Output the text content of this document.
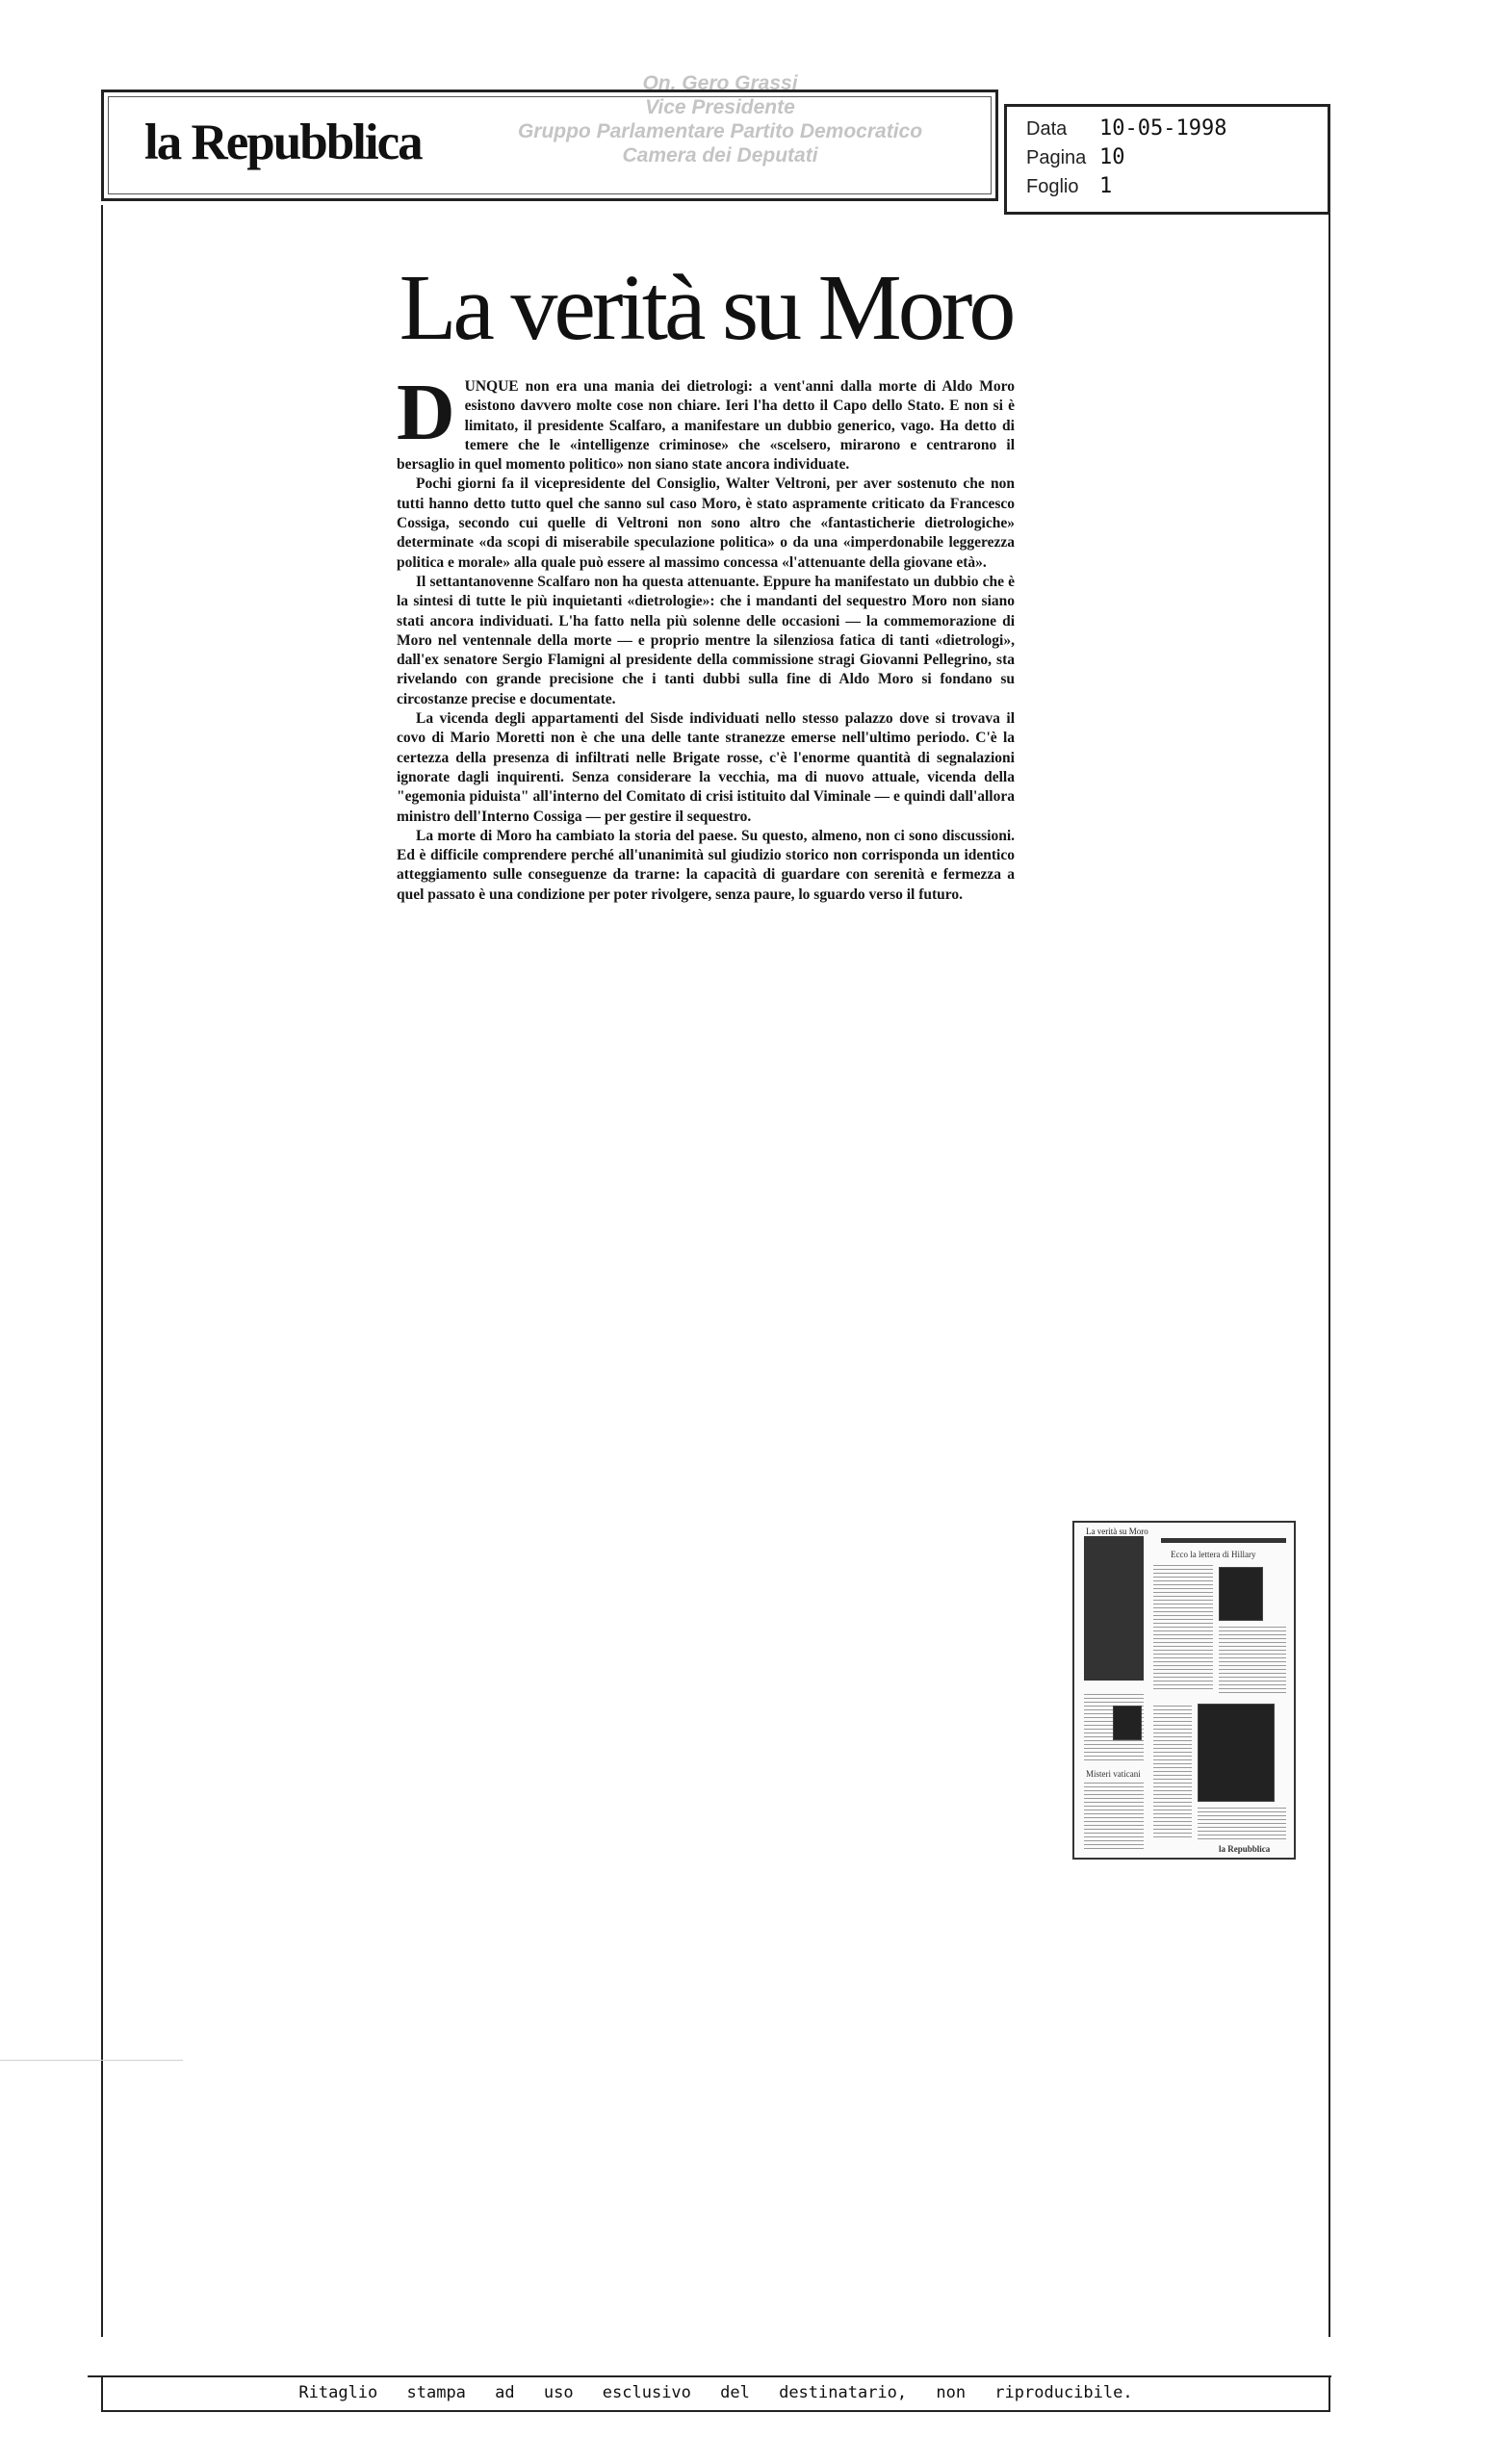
la Repubblica
On. Gero Grassi
Vice Presidente
Gruppo Parlamentare Partito Democratico
Camera dei Deputati
Data	10-05-1998
Pagina 10
Foglio 1
La verità su Moro

DUNQUE non era una mania dei dietrologi: a vent'anni dalla morte di Aldo Moro esistono davvero molte cose non chiare. Ieri l'ha detto il Capo dello Stato. E non si è limitato, il presidente Scalfaro, a manifestare un dubbio generico, vago. Ha detto di temere che le «intelligenze criminose» che «scelsero, mirarono e centrarono il bersaglio in quel momento politico» non siano state ancora individuate.

Pochi giorni fa il vicepresidente del Consiglio, Walter Veltroni, per aver sostenuto che non tutti hanno detto tutto quel che sanno sul caso Moro, è stato aspramente criticato da Francesco Cossiga, secondo cui quelle di Veltroni non sono altro che «fantasticherie dietrologiche» determinate «da scopi di miserabile speculazione politica» o da una «imperdonabile leggerezza politica e morale» alla quale può essere al massimo concessa «l'attenuante della giovane età».

Il settantanovenne Scalfaro non ha questa attenuante. Eppure ha manifestato un dubbio che è la sintesi di tutte le più inquietanti «dietrologie»: che i mandanti del sequestro Moro non siano stati ancora individuati. L'ha fatto nella più solenne delle occasioni — la commemorazione di Moro nel ventennale della morte — e proprio mentre la silenziosa fatica di tanti «dietrologi», dall'ex senatore Sergio Flamigni al presidente della commissione stragi Giovanni Pellegrino, sta rivelando con grande precisione che i tanti dubbi sulla fine di Aldo Moro si fondano su circostanze precise e documentate.

La vicenda degli appartamenti del Sisde individuati nello stesso palazzo dove si trovava il covo di Mario Moretti non è che una delle tante stranezze emerse nell'ultimo periodo. C'è la certezza della presenza di infiltrati nelle Brigate rosse, c'è l'enorme quantità di segnalazioni ignorate dagli inquirenti. Senza considerare la vecchia, ma di nuovo attuale, vicenda della "egemonia piduista" all'interno del Comitato di crisi istituito dal Viminale — e quindi dall'allora ministro dell'Interno Cossiga — per gestire il sequestro.

La morte di Moro ha cambiato la storia del paese. Su questo, almeno, non ci sono discussioni. Ed è difficile comprendere perché all'unanimità sul giudizio storico non corrisponda un identico atteggiamento sulle conseguenze da trarne: la capacità di guardare con serenità e fermezza a quel passato è una condizione per poter rivolgere, senza paure, lo sguardo verso il futuro.

La verità su Moro
Ecco la lettera di Hillary
Misteri vaticani
la Repubblica
Ritaglio stampa ad uso esclusivo del destinatario, non riproducibile.
